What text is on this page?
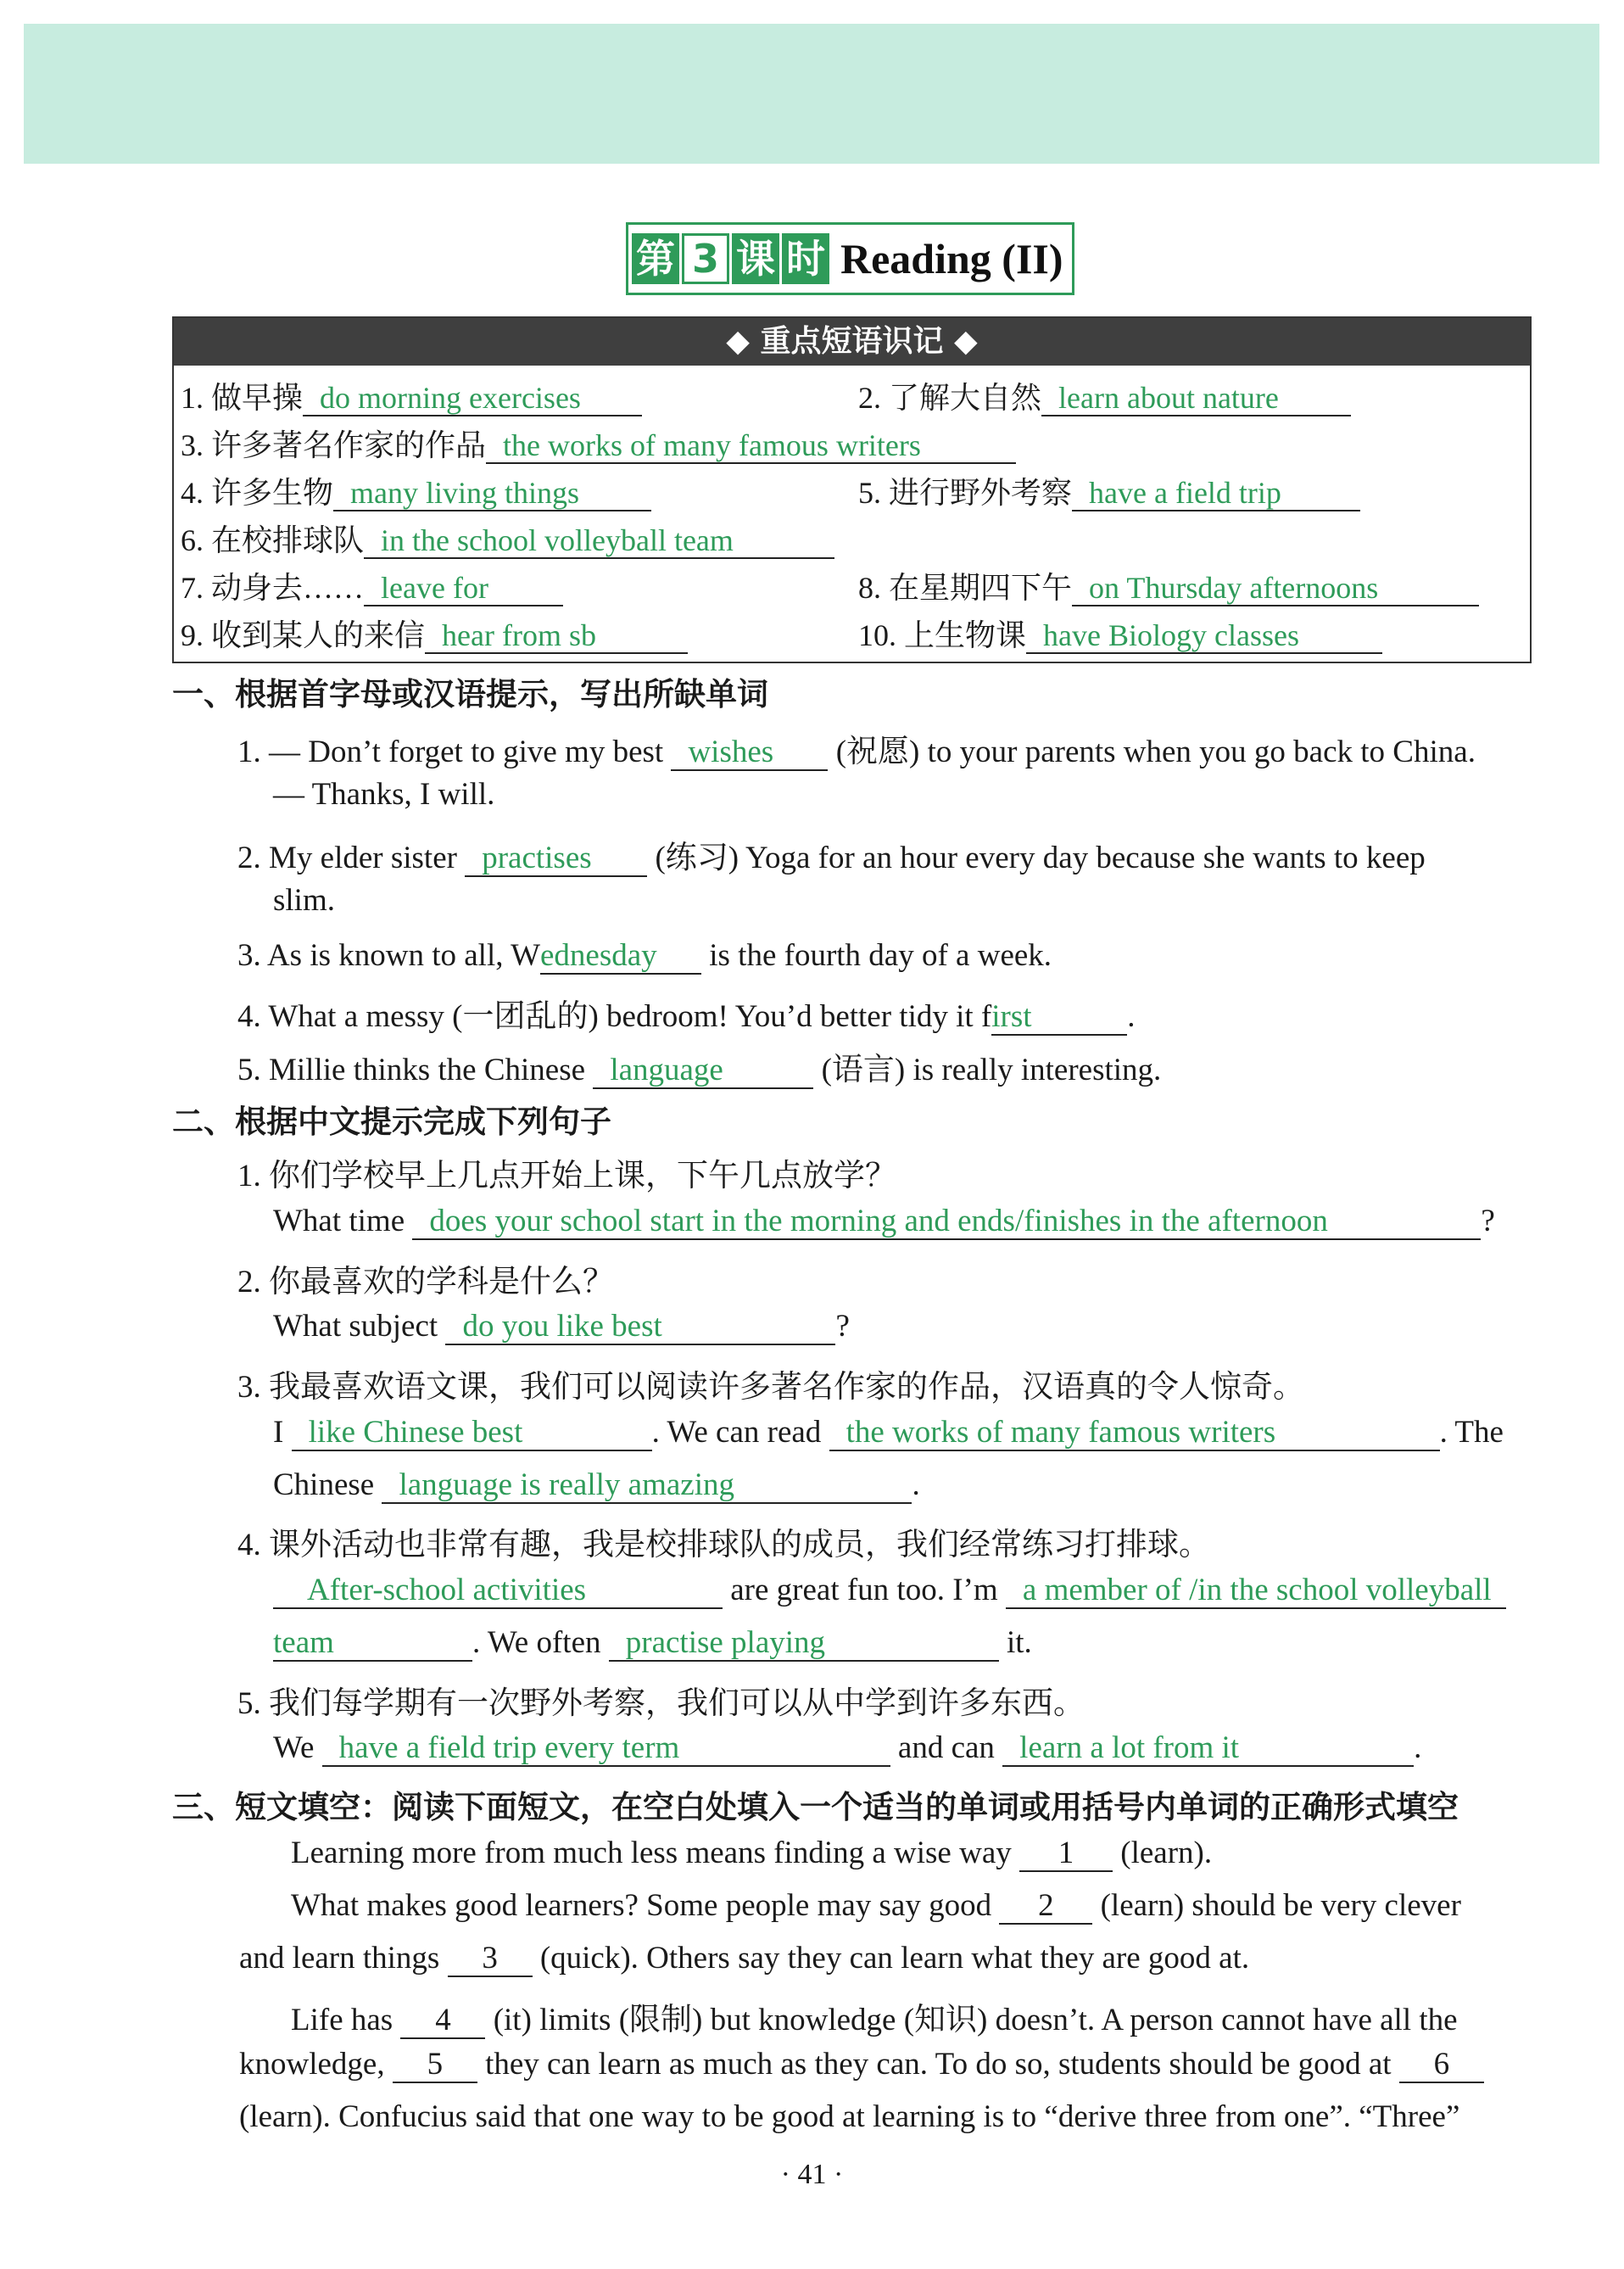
第 3 课 时 Reading (II)
◆ 重点短语识记 ◆
1. 做早操 do morning exercises	2. 了解大自然 learn about nature
3. 许多著名作家的作品 the works of many famous writers
4. 许多生物 many living things	5. 进行野外考察 have a field trip
6. 在校排球队 in the school volleyball team
7. 动身去…… leave for	8. 在星期四下午 on Thursday afternoons
9. 收到某人的来信 hear from sb	10. 上生物课 have Biology classes
一、根据首字母或汉语提示，写出所缺单词
1. — Don’t forget to give my best wishes (祝愿) to your parents when you go back to China.
— Thanks, I will.
2. My elder sister practises (练习) Yoga for an hour every day because she wants to keep
slim.
3. As is known to all, Wednesday is the fourth day of a week.
4. What a messy (一团乱的) bedroom! You’d better tidy it first	.
5. Millie thinks the Chinese language	(语言) is really interesting.
二、根据中文提示完成下列句子
1. 你们学校早上几点开始上课，下午几点放学？
What time does your school start in the morning and ends/finishes in the afternoon	?
2. 你最喜欢的学科是什么？
What subject do you like best	?
3. 我最喜欢语文课，我们可以阅读许多著名作家的作品，汉语真的令人惊奇。
I like Chinese best	. We can read the works of many famous writers	. The
Chinese language is really amazing	.
4. 课外活动也非常有趣，我是校排球队的成员，我们经常练习打排球。
After-school activities	are great fun too. I’m a member of /in the school volleyball
team	. We often practise playing	it.
5. 我们每学期有一次野外考察，我们可以从中学到许多东西。
We have a field trip every term	and can learn a lot from it	.
三、短文填空：阅读下面短文，在空白处填入一个适当的单词或用括号内单词的正确形式填空
Learning more from much less means finding a wise way 1 (learn).
What makes good learners? Some people may say good 2 (learn) should be very clever
and learn things 3 (quick). Others say they can learn what they are good at.
Life has 4 (it) limits (限制) but knowledge (知识) doesn’t. A person cannot have all the
knowledge, 5 they can learn as much as they can. To do so, students should be good at 6
(learn). Confucius said that one way to be good at learning is to “derive three from one”. “Three”
· 41 ·
